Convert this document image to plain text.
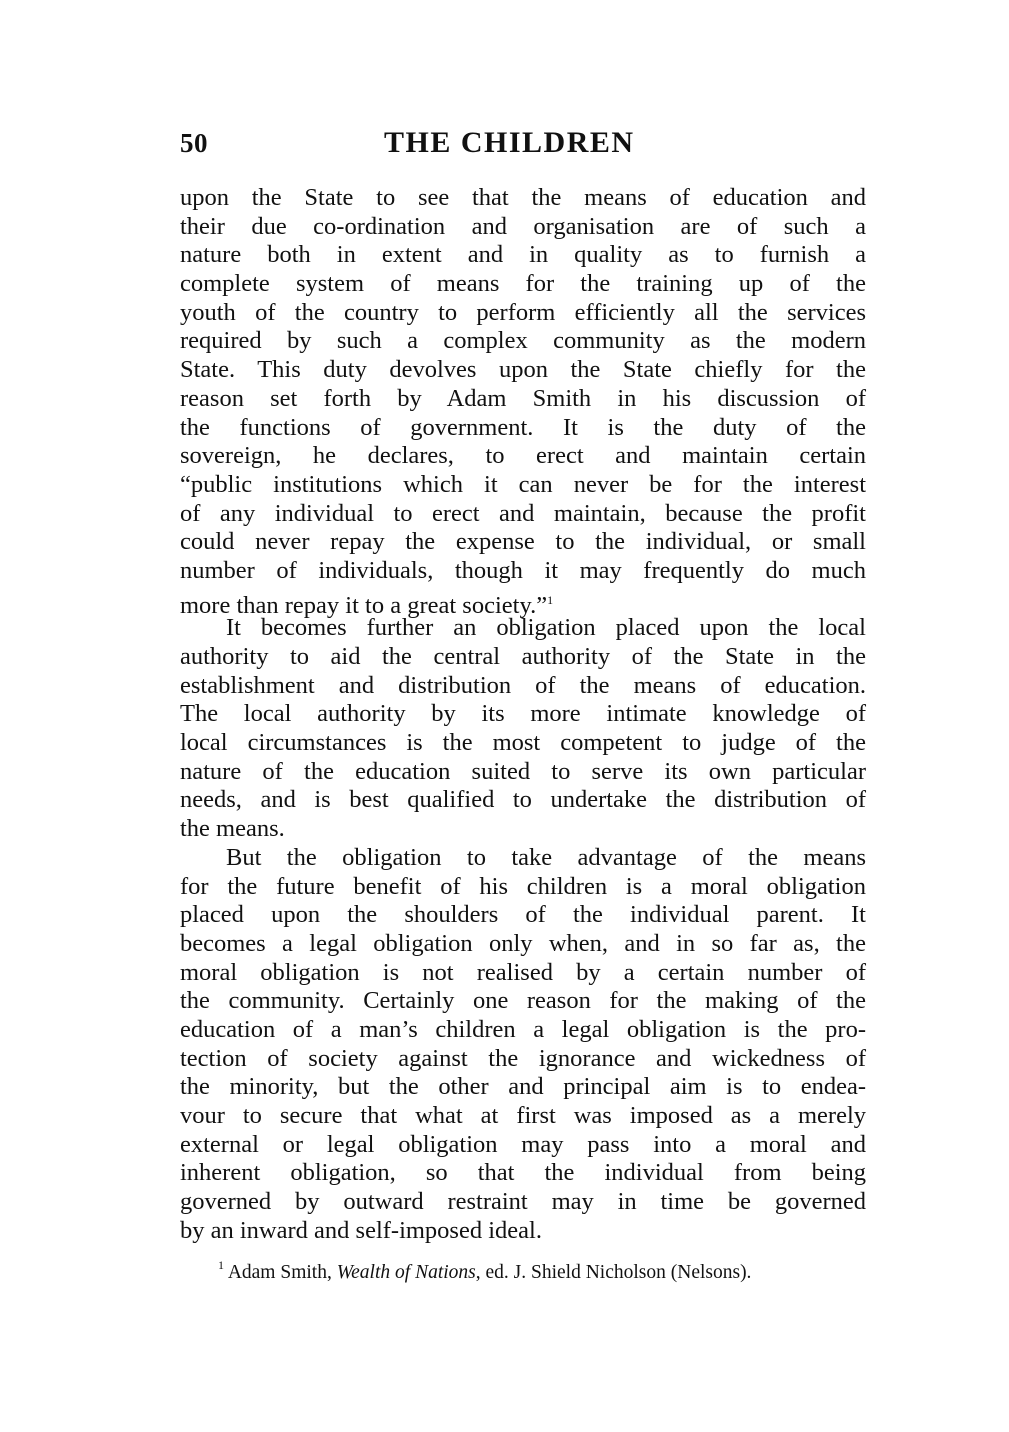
50	THE CHILDREN
upon the State to see that the means of education and
their due co-ordination and organisation are of such a
nature both in extent and in quality as to furnish a
complete system of means for the training up of the
youth of the country to perform efficiently all the services
required by such a complex community as the modern
State. This duty devolves upon the State chiefly for the
reason set forth by Adam Smith in his discussion of
the functions of government. It is the duty of the
sovereign, he declares, to erect and maintain certain
“public institutions which it can never be for the interest
of any individual to erect and maintain, because the profit
could never repay the expense to the individual, or small
number of individuals, though it may frequently do much
more than repay it to a great society.”$^1$
It becomes further an obligation placed upon the local
authority to aid the central authority of the State in the
establishment and distribution of the means of education.
The local authority by its more intimate knowledge of
local circumstances is the most competent to judge of the
nature of the education suited to serve its own particular
needs, and is best qualified to undertake the distribution of
the means.
But the obligation to take advantage of the means
for the future benefit of his children is a moral obligation
placed upon the shoulders of the individual parent. It
becomes a legal obligation only when, and in so far as, the
moral obligation is not realised by a certain number of
the community. Certainly one reason for the making of the
education of a man’s children a legal obligation is the pro-
tection of society against the ignorance and wickedness of
the minority, but the other and principal aim is to endea-
vour to secure that what at first was imposed as a merely
external or legal obligation may pass into a moral and
inherent obligation, so that the individual from being
governed by outward restraint may in time be governed
by an inward and self-imposed ideal.
$^1$ Adam Smith, Wealth of Nations, ed. J. Shield Nicholson (Nelsons).
